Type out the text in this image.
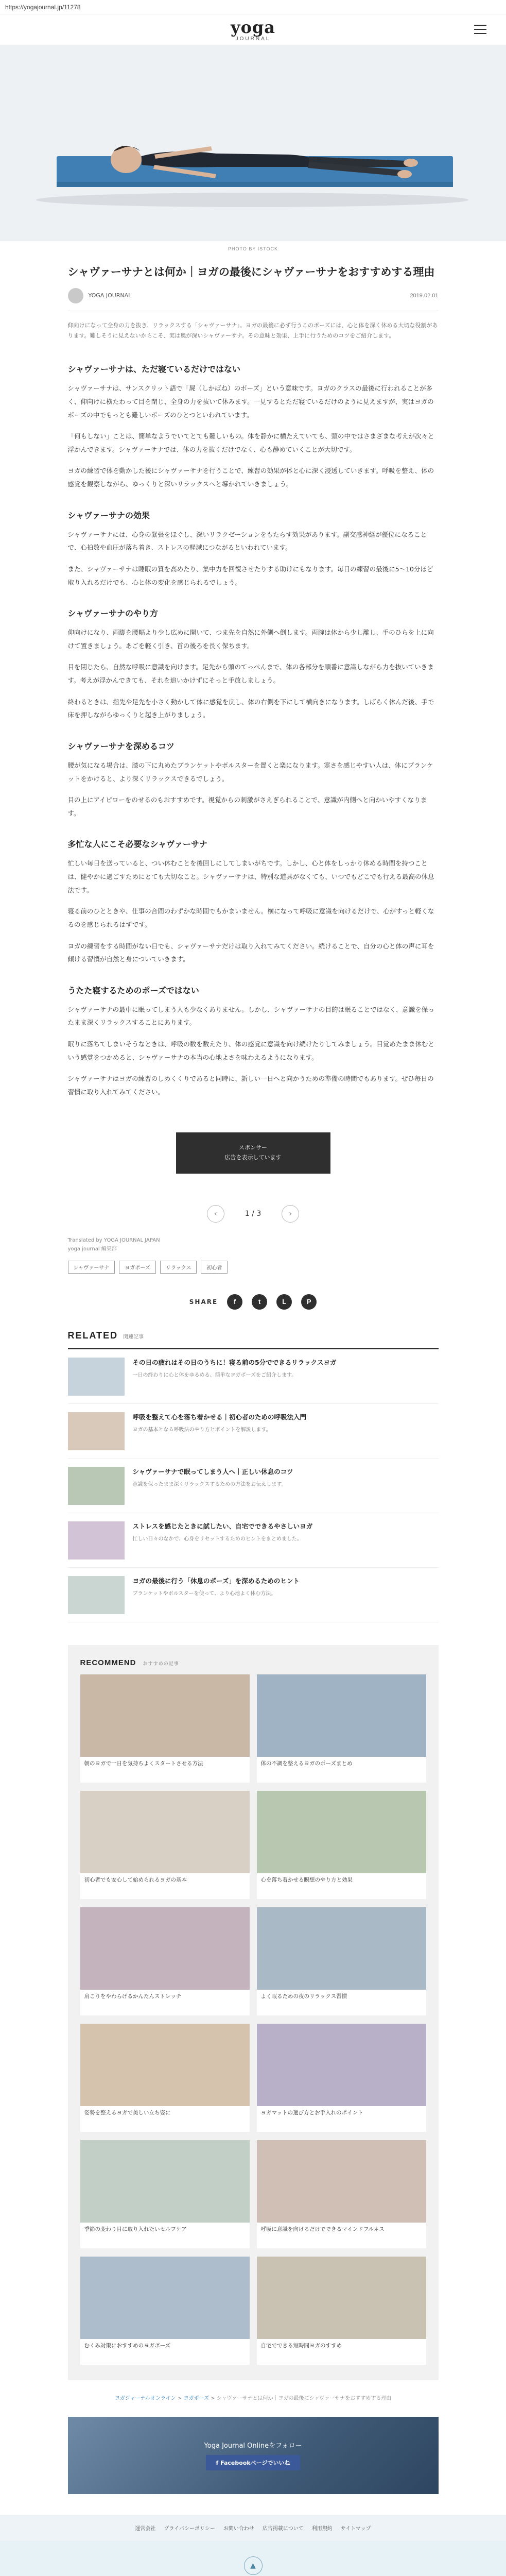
https://yogajournal.jp/11278
yoga
JOURNAL
PHOTO BY ISTOCK
シャヴァーサナとは何か｜ヨガの最後にシャヴァーサナをおすすめする理由
YOGA JOURNAL	2019.02.01

仰向けになって全身の力を抜き、リラックスする「シャヴァーサナ」。ヨガの最後に必ず行うこのポーズには、心と体を深く休める大切な役割があります。難しそうに見えないからこそ、実は奥が深いシャヴァーサナ。その意味と効果、上手に行うためのコツをご紹介します。

シャヴァーサナは、ただ寝ているだけではない

シャヴァーサナは、サンスクリット語で「屍（しかばね）のポーズ」という意味です。ヨガのクラスの最後に行われることが多く、仰向けに横たわって目を閉じ、全身の力を抜いて休みます。一見するとただ寝ているだけのように見えますが、実はヨガのポーズの中でもっとも難しいポーズのひとつといわれています。

「何もしない」ことは、簡単なようでいてとても難しいもの。体を静かに横たえていても、頭の中ではさまざまな考えが次々と浮かんできます。シャヴァーサナでは、体の力を抜くだけでなく、心も静めていくことが大切です。

ヨガの練習で体を動かした後にシャヴァーサナを行うことで、練習の効果が体と心に深く浸透していきます。呼吸を整え、体の感覚を観察しながら、ゆっくりと深いリラックスへと導かれていきましょう。

シャヴァーサナの効果

シャヴァーサナには、心身の緊張をほぐし、深いリラクゼーションをもたらす効果があります。副交感神経が優位になることで、心拍数や血圧が落ち着き、ストレスの軽減につながるといわれています。

また、シャヴァーサナは睡眠の質を高めたり、集中力を回復させたりする助けにもなります。毎日の練習の最後に5〜10分ほど取り入れるだけでも、心と体の変化を感じられるでしょう。

シャヴァーサナのやり方

仰向けになり、両脚を腰幅より少し広めに開いて、つま先を自然に外側へ倒します。両腕は体から少し離し、手のひらを上に向けて置きましょう。あごを軽く引き、首の後ろを長く保ちます。

目を閉じたら、自然な呼吸に意識を向けます。足先から頭のてっぺんまで、体の各部分を順番に意識しながら力を抜いていきます。考えが浮かんできても、それを追いかけずにそっと手放しましょう。

終わるときは、指先や足先を小さく動かして体に感覚を戻し、体の右側を下にして横向きになります。しばらく休んだ後、手で床を押しながらゆっくりと起き上がりましょう。

シャヴァーサナを深めるコツ

腰が気になる場合は、膝の下に丸めたブランケットやボルスターを置くと楽になります。寒さを感じやすい人は、体にブランケットをかけると、より深くリラックスできるでしょう。

目の上にアイピローをのせるのもおすすめです。視覚からの刺激がさえぎられることで、意識が内側へと向かいやすくなります。

多忙な人にこそ必要なシャヴァーサナ

忙しい毎日を送っていると、つい休むことを後回しにしてしまいがちです。しかし、心と体をしっかり休める時間を持つことは、健やかに過ごすためにとても大切なこと。シャヴァーサナは、特別な道具がなくても、いつでもどこでも行える最高の休息法です。

寝る前のひとときや、仕事の合間のわずかな時間でもかまいません。横になって呼吸に意識を向けるだけで、心がすっと軽くなるのを感じられるはずです。

ヨガの練習をする時間がない日でも、シャヴァーサナだけは取り入れてみてください。続けることで、自分の心と体の声に耳を傾ける習慣が自然と身についていきます。

うたた寝するためのポーズではない

シャヴァーサナの最中に眠ってしまう人も少なくありません。しかし、シャヴァーサナの目的は眠ることではなく、意識を保ったまま深くリラックスすることにあります。

眠りに落ちてしまいそうなときは、呼吸の数を数えたり、体の感覚に意識を向け続けたりしてみましょう。目覚めたまま休むという感覚をつかめると、シャヴァーサナの本当の心地よさを味わえるようになります。

シャヴァーサナはヨガの練習のしめくくりであると同時に、新しい一日へと向かうための準備の時間でもあります。ぜひ毎日の習慣に取り入れてみてください。

スポンサー
広告を表示しています
‹	1 / 3	›

Translated by YOGA JOURNAL JAPAN
yoga journal 編集部

シャヴァーサナ	ヨガポーズ	リラックス	初心者
SHARE	f	t	L	P
RELATED 関連記事
その日の疲れはその日のうちに！寝る前の5分でできるリラックスヨガ
一日の終わりに心と体をゆるめる、簡単なヨガポーズをご紹介します。
呼吸を整えて心を落ち着かせる｜初心者のための呼吸法入門
ヨガの基本となる呼吸法のやり方とポイントを解説します。
シャヴァーサナで眠ってしまう人へ｜正しい休息のコツ
意識を保ったまま深くリラックスするための方法をお伝えします。
ストレスを感じたときに試したい、自宅でできるやさしいヨガ
忙しい日々のなかで、心身をリセットするためのヒントをまとめました。
ヨガの最後に行う「休息のポーズ」を深めるためのヒント
ブランケットやボルスターを使って、より心地よく休む方法。
RECOMMEND おすすめの記事
朝のヨガで一日を気持ちよくスタートさせる方法	体の不調を整えるヨガのポーズまとめ
初心者でも安心して始められるヨガの基本	心を落ち着かせる瞑想のやり方と効果
肩こりをやわらげるかんたんストレッチ	よく眠るための夜のリラックス習慣
姿勢を整えるヨガで美しい立ち姿に	ヨガマットの選び方とお手入れのポイント
季節の変わり目に取り入れたいセルフケア	呼吸に意識を向けるだけでできるマインドフルネス
むくみ対策におすすめのヨガポーズ	自宅でできる短時間ヨガのすすめ
ヨガジャーナルオンライン > ヨガポーズ > シャヴァーサナとは何か｜ヨガの最後にシャヴァーサナをおすすめする理由
Yoga Journal Onlineをフォロー
f Facebookページでいいね
運営会社 プライバシーポリシー お問い合わせ 広告掲載について 利用規約 サイトマップ
▲
